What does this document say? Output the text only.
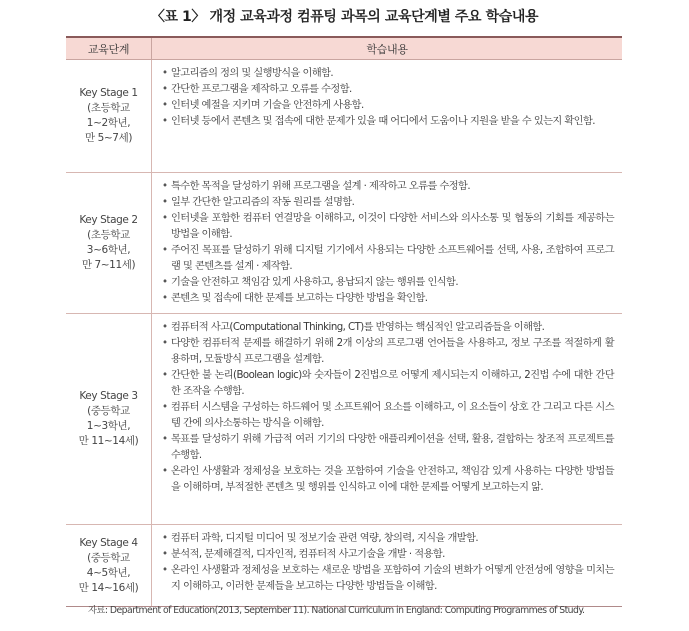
〈표 1〉 개정 교육과정 컴퓨팅 과목의 교육단계별 주요 학습내용
교육단계	학습내용
Key Stage 1
(초등학교
1~2학년,
만 5~7세)
• 알고리즘의 정의 및 실행방식을 이해함.
• 간단한 프로그램을 제작하고 오류를 수정함.
• 인터넷 예절을 지키며 기술을 안전하게 사용함.
• 인터넷 등에서 콘텐츠 및 접속에 대한 문제가 있을 때 어디에서 도움이나 지원을 받을 수 있는지 확인함.
Key Stage 2
(초등학교
3~6학년,
만 7~11세)
• 특수한 목적을 달성하기 위해 프로그램을 설계 · 제작하고 오류를 수정함.
• 일부 간단한 알고리즘의 작동 원리를 설명함.
• 인터넷을 포함한 컴퓨터 연결망을 이해하고, 이것이 다양한 서비스와 의사소통 및 협동의 기회를 제공하는 방법을 이해함.
• 주어진 목표를 달성하기 위해 디지털 기기에서 사용되는 다양한 소프트웨어를 선택, 사용, 조합하여 프로그램 및 콘텐츠를 설계 · 제작함.
• 기술을 안전하고 책임감 있게 사용하고, 용납되지 않는 행위를 인식함.
• 콘텐츠 및 접속에 대한 문제를 보고하는 다양한 방법을 확인함.
Key Stage 3
(중등학교
1~3학년,
만 11~14세)
• 컴퓨터적 사고(Computational Thinking, CT)를 반영하는 핵심적인 알고리즘들을 이해함.
• 다양한 컴퓨터적 문제를 해결하기 위해 2개 이상의 프로그램 언어들을 사용하고, 정보 구조를 적절하게 활용하며, 모듈방식 프로그램을 설계함.
• 간단한 불 논리(Boolean logic)와 숫자들이 2진법으로 어떻게 제시되는지 이해하고, 2진법 수에 대한 간단한 조작을 수행함.
• 컴퓨터 시스템을 구성하는 하드웨어 및 소프트웨어 요소를 이해하고, 이 요소들이 상호 간 그리고 다른 시스템 간에 의사소통하는 방식을 이해함.
• 목표를 달성하기 위해 가급적 여러 기기의 다양한 애플리케이션을 선택, 활용, 결합하는 창조적 프로젝트를 수행함.
• 온라인 사생활과 정체성을 보호하는 것을 포함하여 기술을 안전하고, 책임감 있게 사용하는 다양한 방법들을 이해하며, 부적절한 콘텐츠 및 행위를 인식하고 이에 대한 문제를 어떻게 보고하는지 앎.
Key Stage 4
(중등학교
4~5학년,
만 14~16세)
• 컴퓨터 과학, 디지털 미디어 및 정보기술 관련 역량, 창의력, 지식을 개발함.
• 분석적, 문제해결적, 디자인적, 컴퓨터적 사고기술을 개발 · 적용함.
• 온라인 사생활과 정체성을 보호하는 새로운 방법을 포함하여 기술의 변화가 어떻게 안전성에 영향을 미치는지 이해하고, 이러한 문제들을 보고하는 다양한 방법들을 이해함.
자료: Department of Education(2013, September 11). National Curriculum in England: Computing Programmes of Study.
